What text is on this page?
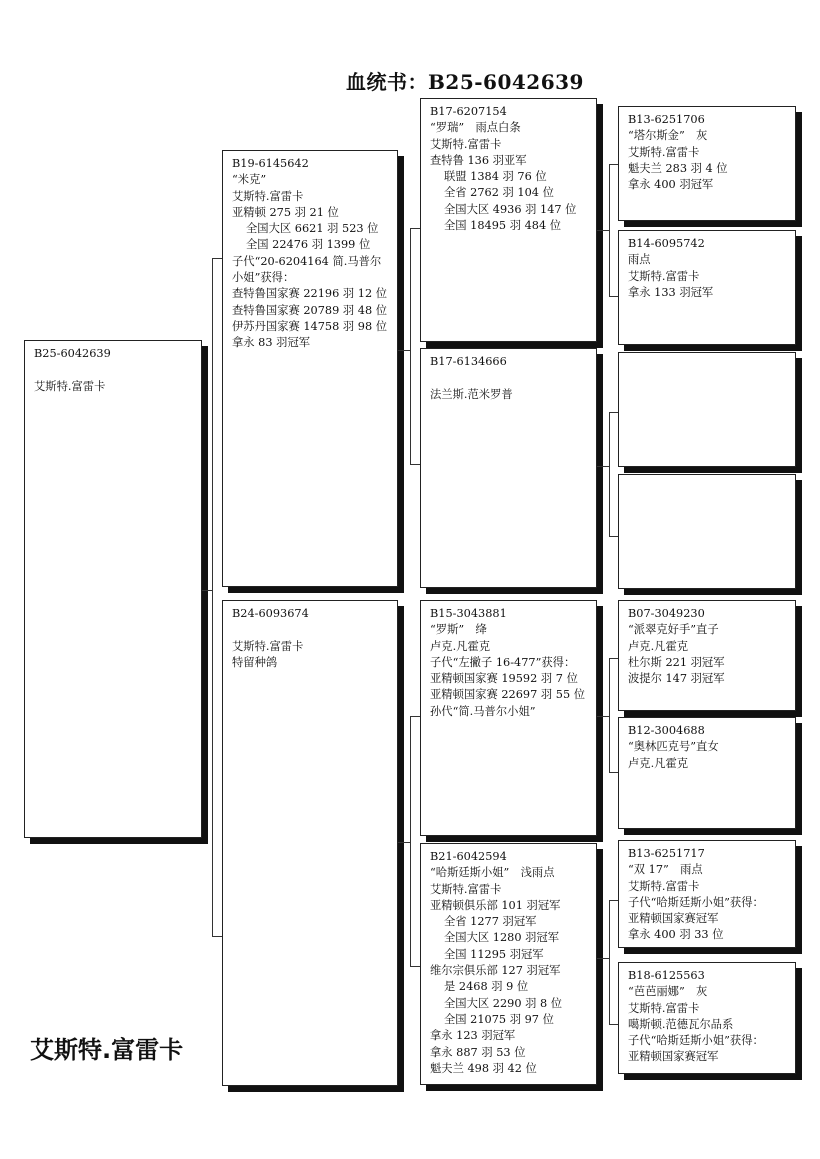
血统书：B25-6042639
B25-6042639
艾斯特.富雷卡
B19-6145642
“米克”
艾斯特.富雷卡
亚精顿 275 羽 21 位
全国大区 6621 羽 523 位
全国 22476 羽 1399 位
子代“20-6204164 简.马普尔
小姐”获得：
查特鲁国家赛 22196 羽 12 位
查特鲁国家赛 20789 羽 48 位
伊苏丹国家赛 14758 羽 98 位
拿永 83 羽冠军
B24-6093674
艾斯特.富雷卡
特留种鸽
B17-6207154
“罗瑞”　雨点白条
艾斯特.富雷卡
查特鲁 136 羽亚军
联盟 1384 羽 76 位
全省 2762 羽 104 位
全国大区 4936 羽 147 位
全国 18495 羽 484 位
B17-6134666
法兰斯.范米罗普
B15-3043881
“罗斯”　绛
卢克.凡霍克
子代“左撇子 16-477”获得：
亚精顿国家赛 19592 羽 7 位
亚精顿国家赛 22697 羽 55 位
孙代“简.马普尔小姐”
B21-6042594
“哈斯廷斯小姐”　浅雨点
艾斯特.富雷卡
亚精顿俱乐部 101 羽冠军
全省 1277 羽冠军
全国大区 1280 羽冠军
全国 11295 羽冠军
维尔宗俱乐部 127 羽冠军
是 2468 羽 9 位
全国大区 2290 羽 8 位
全国 21075 羽 97 位
拿永 123 羽冠军
拿永 887 羽 53 位
魁夫兰 498 羽 42 位
B13-6251706
“塔尔斯金”　灰
艾斯特.富雷卡
魁夫兰 283 羽 4 位
拿永 400 羽冠军
B14-6095742
雨点
艾斯特.富雷卡
拿永 133 羽冠军
B07-3049230
“派翠克好手”直子
卢克.凡霍克
杜尔斯 221 羽冠军
波提尔 147 羽冠军
B12-3004688
“奥林匹克号”直女
卢克.凡霍克
B13-6251717
“双 17”　雨点
艾斯特.富雷卡
子代“哈斯廷斯小姐”获得：
亚精顿国家赛冠军
拿永 400 羽 33 位
B18-6125563
“芭芭丽娜”　灰
艾斯特.富雷卡
噶斯顿.范德瓦尔品系
子代“哈斯廷斯小姐”获得：
亚精顿国家赛冠军
艾斯特.富雷卡
